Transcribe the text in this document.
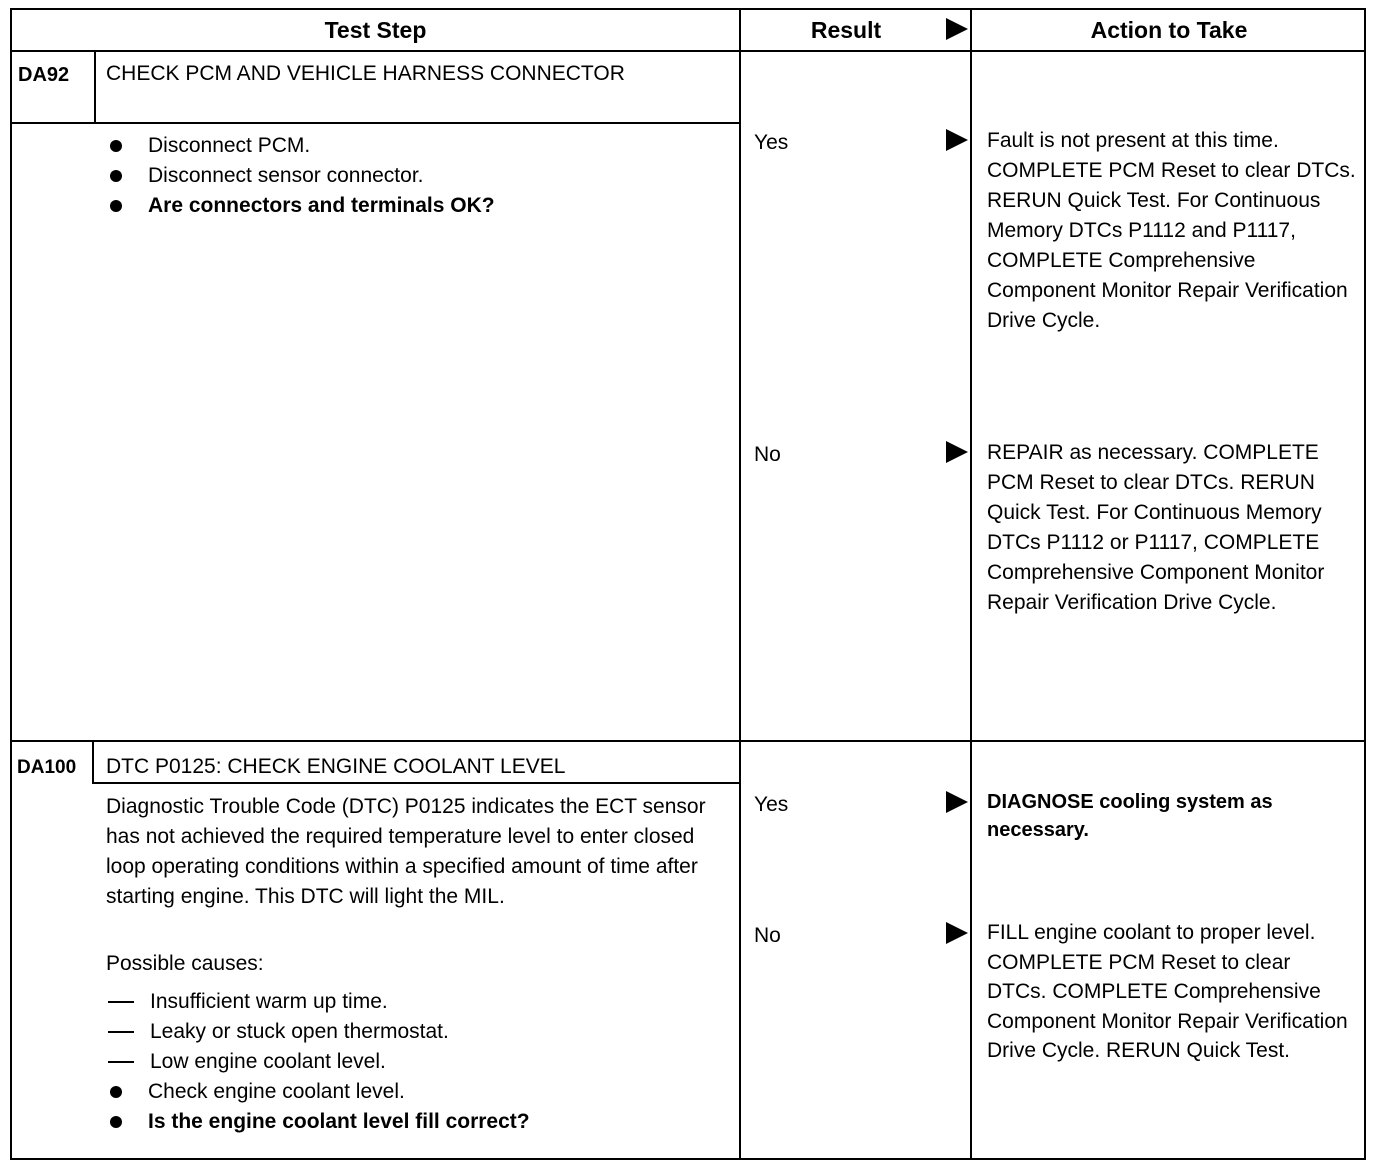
Test Step	Result	Action to Take
DA92 CHECK PCM AND VEHICLE HARNESS CONNECTOR
Disconnect PCM.
Disconnect sensor connector.
Are connectors and terminals OK?
Yes	Fault is not present at this time. COMPLETE PCM Reset to clear DTCs. RERUN Quick Test. For Continuous Memory DTCs P1112 and P1117, COMPLETE Comprehensive Component Monitor Repair Verification Drive Cycle.
No	REPAIR as necessary. COMPLETE PCM Reset to clear DTCs. RERUN Quick Test. For Continuous Memory DTCs P1112 or P1117, COMPLETE Comprehensive Component Monitor Repair Verification Drive Cycle.
DA100 DTC P0125: CHECK ENGINE COOLANT LEVEL
Diagnostic Trouble Code (DTC) P0125 indicates the ECT sensor has not achieved the required temperature level to enter closed loop operating conditions within a specified amount of time after starting engine. This DTC will light the MIL.
Possible causes:
Insufficient warm up time.
Leaky or stuck open thermostat.
Low engine coolant level.
Check engine coolant level.
Is the engine coolant level fill correct?
Yes	DIAGNOSE cooling system as necessary.
No	FILL engine coolant to proper level. COMPLETE PCM Reset to clear DTCs. COMPLETE Comprehensive Component Monitor Repair Verification Drive Cycle. RERUN Quick Test.
